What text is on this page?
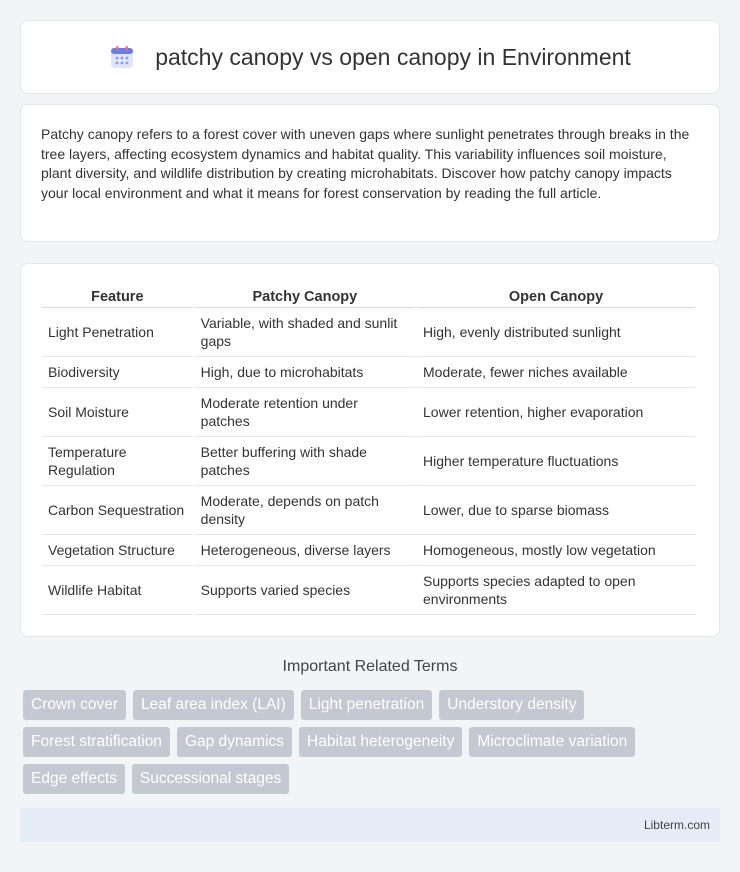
patchy canopy vs open canopy in Environment

Patchy canopy refers to a forest cover with uneven gaps where sunlight penetrates through breaks in the tree layers, affecting ecosystem dynamics and habitat quality. This variability influences soil moisture, plant diversity, and wildlife distribution by creating microhabitats. Discover how patchy canopy impacts your local environment and what it means for forest conservation by reading the full article.

Feature	Patchy Canopy	Open Canopy
Light Penetration	Variable, with shaded and sunlit gaps	High, evenly distributed sunlight
Biodiversity	High, due to microhabitats	Moderate, fewer niches available
Soil Moisture	Moderate retention under patches	Lower retention, higher evaporation
Temperature Regulation	Better buffering with shade patches	Higher temperature fluctuations
Carbon Sequestration	Moderate, depends on patch density	Lower, due to sparse biomass
Vegetation Structure	Heterogeneous, diverse layers	Homogeneous, mostly low vegetation
Wildlife Habitat	Supports varied species	Supports species adapted to open environments
Important Related Terms
Crown cover	Leaf area index (LAI)	Light penetration	Understory density
Forest stratification	Gap dynamics	Habitat heterogeneity	Microclimate variation
Edge effects	Successional stages
Libterm.com
